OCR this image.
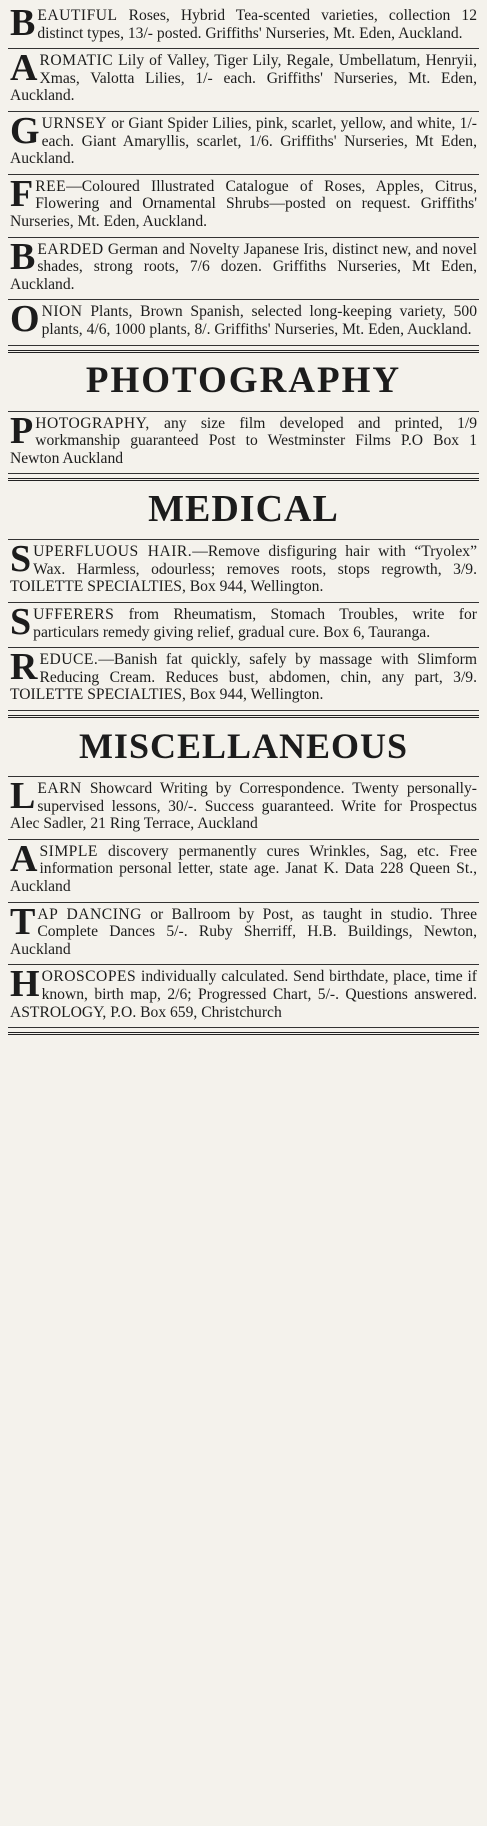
BEAUTIFUL Roses, Hybrid Tea-scented varieties, collection 12 distinct types, 13/- posted. Griffiths' Nurseries, Mt. Eden, Auckland.
AROMATIC Lily of Valley, Tiger Lily, Regale, Umbellatum, Henryii, Xmas, Valotta Lilies, 1/- each. Griffiths' Nurseries, Mt. Eden, Auckland.
GURNSEY or Giant Spider Lilies, pink, scarlet, yellow, and white, 1/- each. Giant Amaryllis, scarlet, 1/6. Griffiths' Nurseries, Mt Eden, Auckland.
FREE—Coloured Illustrated Catalogue of Roses, Apples, Citrus, Flowering and Ornamental Shrubs—posted on request. Griffiths' Nurseries, Mt. Eden, Auckland.
BEARDED German and Novelty Japanese Iris, distinct new, and novel shades, strong roots, 7/6 dozen. Griffiths Nurseries, Mt Eden, Auckland.
ONION Plants, Brown Spanish, selected long-keeping variety, 500 plants, 4/6, 1000 plants, 8/. Griffiths' Nurseries, Mt. Eden, Auckland.
PHOTOGRAPHY
PHOTOGRAPHY, any size film developed and printed, 1/9 workmanship guaranteed Post to Westminster Films P.O Box 1 Newton Auckland
MEDICAL
SUPERFLUOUS HAIR.—Remove disfiguring hair with “Tryolex” Wax. Harmless, odourless; removes roots, stops regrowth, 3/9. TOILETTE SPECIALTIES, Box 944, Wellington.
SUFFERERS from Rheumatism, Stomach Troubles, write for particulars remedy giving relief, gradual cure. Box 6, Tauranga.
REDUCE.—Banish fat quickly, safely by massage with Slimform Reducing Cream. Reduces bust, abdomen, chin, any part, 3/9. TOILETTE SPECIALTIES, Box 944, Wellington.
MISCELLANEOUS
LEARN Showcard Writing by Correspondence. Twenty personally-supervised lessons, 30/-. Success guaranteed. Write for Prospectus Alec Sadler, 21 Ring Terrace, Auckland
A SIMPLE discovery permanently cures Wrinkles, Sag, etc. Free information personal letter, state age. Janat K. Data 228 Queen St., Auckland
TAP DANCING or Ballroom by Post, as taught in studio. Three Complete Dances 5/-. Ruby Sherriff, H.B. Buildings, Newton, Auckland
HOROSCOPES individually calculated. Send birthdate, place, time if known, birth map, 2/6; Progressed Chart, 5/-. Questions answered. ASTROLOGY, P.O. Box 659, Christchurch
